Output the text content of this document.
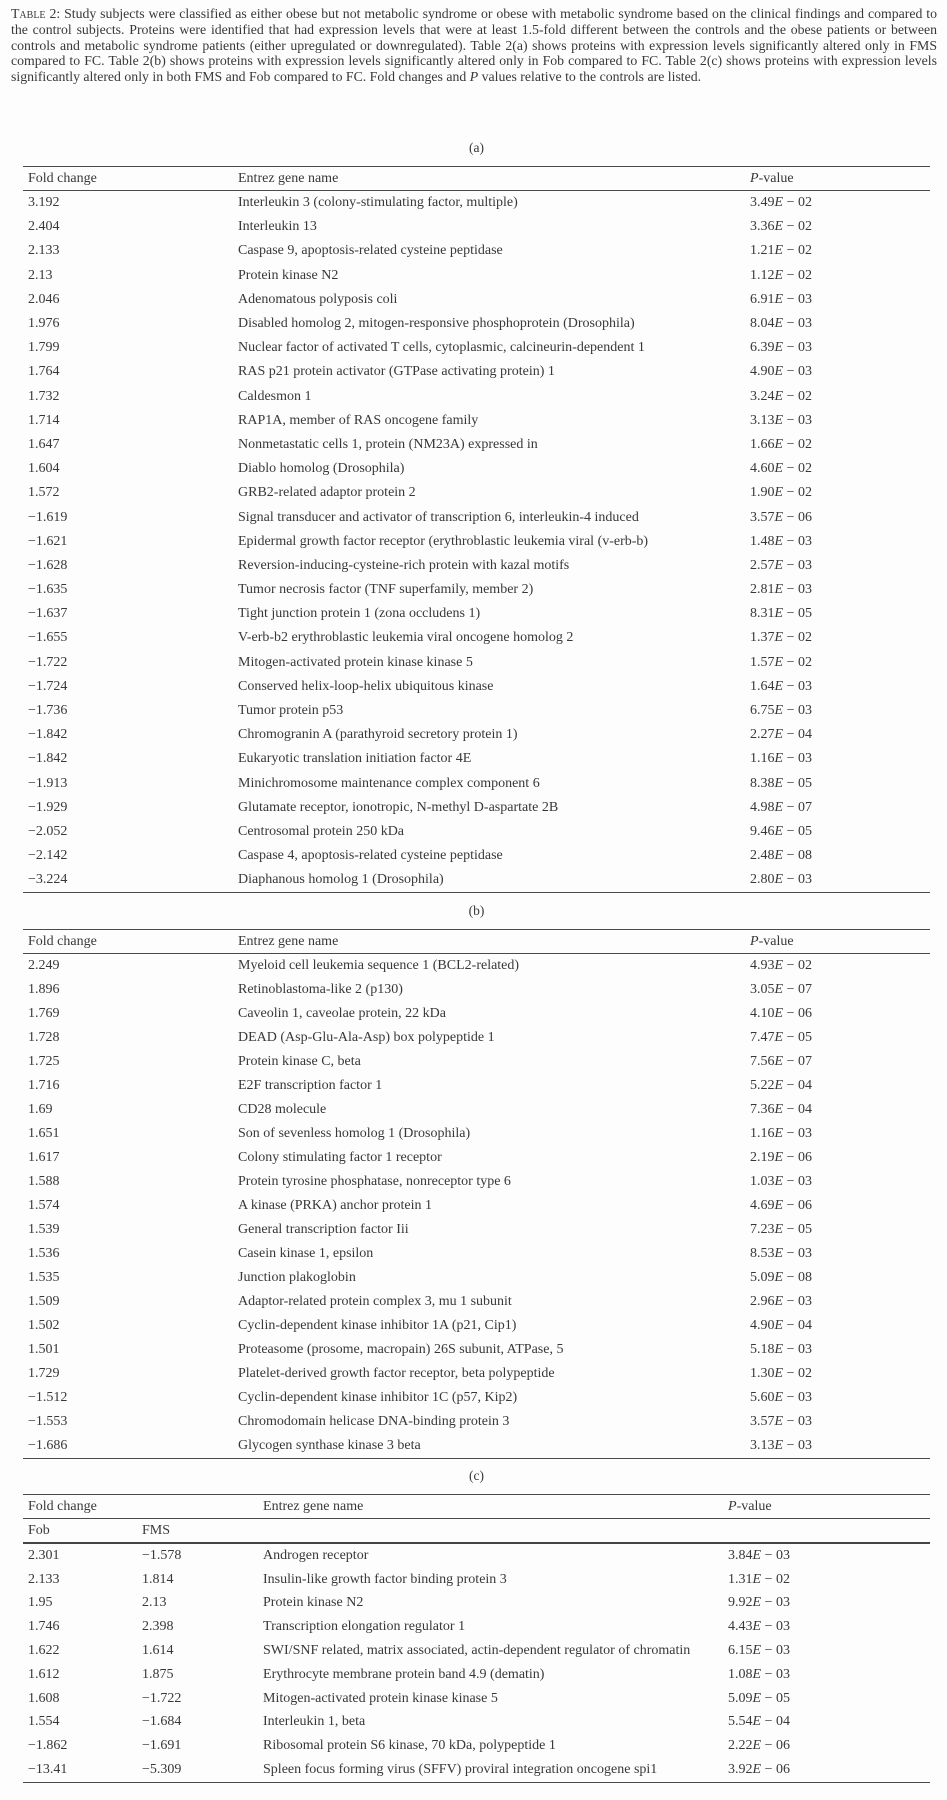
Table 2: Study subjects were classified as either obese but not metabolic syndrome or obese with metabolic syndrome based on the clinical findings and compared to the control subjects. Proteins were identified that had expression levels that were at least 1.5-fold different between the controls and the obese patients or between controls and metabolic syndrome patients (either upregulated or downregulated). Table 2(a) shows proteins with expression levels significantly altered only in FMS compared to FC. Table 2(b) shows proteins with expression levels significantly altered only in Fob compared to FC. Table 2(c) shows proteins with expression levels significantly altered only in both FMS and Fob compared to FC. Fold changes and P values relative to the controls are listed.
(a)
Fold change	Entrez gene name	P-value
3.192	Interleukin 3 (colony-stimulating factor, multiple)	3.49E − 02
2.404	Interleukin 13	3.36E − 02
2.133	Caspase 9, apoptosis-related cysteine peptidase	1.21E − 02
2.13	Protein kinase N2	1.12E − 02
2.046	Adenomatous polyposis coli	6.91E − 03
1.976	Disabled homolog 2, mitogen-responsive phosphoprotein (Drosophila)	8.04E − 03
1.799	Nuclear factor of activated T cells, cytoplasmic, calcineurin-dependent 1	6.39E − 03
1.764	RAS p21 protein activator (GTPase activating protein) 1	4.90E − 03
1.732	Caldesmon 1	3.24E − 02
1.714	RAP1A, member of RAS oncogene family	3.13E − 03
1.647	Nonmetastatic cells 1, protein (NM23A) expressed in	1.66E − 02
1.604	Diablo homolog (Drosophila)	4.60E − 02
1.572	GRB2-related adaptor protein 2	1.90E − 02
−1.619	Signal transducer and activator of transcription 6, interleukin-4 induced	3.57E − 06
−1.621	Epidermal growth factor receptor (erythroblastic leukemia viral (v-erb-b)	1.48E − 03
−1.628	Reversion-inducing-cysteine-rich protein with kazal motifs	2.57E − 03
−1.635	Tumor necrosis factor (TNF superfamily, member 2)	2.81E − 03
−1.637	Tight junction protein 1 (zona occludens 1)	8.31E − 05
−1.655	V-erb-b2 erythroblastic leukemia viral oncogene homolog 2	1.37E − 02
−1.722	Mitogen-activated protein kinase kinase 5	1.57E − 02
−1.724	Conserved helix-loop-helix ubiquitous kinase	1.64E − 03
−1.736	Tumor protein p53	6.75E − 03
−1.842	Chromogranin A (parathyroid secretory protein 1)	2.27E − 04
−1.842	Eukaryotic translation initiation factor 4E	1.16E − 03
−1.913	Minichromosome maintenance complex component 6	8.38E − 05
−1.929	Glutamate receptor, ionotropic, N-methyl D-aspartate 2B	4.98E − 07
−2.052	Centrosomal protein 250 kDa	9.46E − 05
−2.142	Caspase 4, apoptosis-related cysteine peptidase	2.48E − 08
−3.224	Diaphanous homolog 1 (Drosophila)	2.80E − 03
(b)
Fold change	Entrez gene name	P-value
2.249	Myeloid cell leukemia sequence 1 (BCL2-related)	4.93E − 02
1.896	Retinoblastoma-like 2 (p130)	3.05E − 07
1.769	Caveolin 1, caveolae protein, 22 kDa	4.10E − 06
1.728	DEAD (Asp-Glu-Ala-Asp) box polypeptide 1	7.47E − 05
1.725	Protein kinase C, beta	7.56E − 07
1.716	E2F transcription factor 1	5.22E − 04
1.69	CD28 molecule	7.36E − 04
1.651	Son of sevenless homolog 1 (Drosophila)	1.16E − 03
1.617	Colony stimulating factor 1 receptor	2.19E − 06
1.588	Protein tyrosine phosphatase, nonreceptor type 6	1.03E − 03
1.574	A kinase (PRKA) anchor protein 1	4.69E − 06
1.539	General transcription factor Iii	7.23E − 05
1.536	Casein kinase 1, epsilon	8.53E − 03
1.535	Junction plakoglobin	5.09E − 08
1.509	Adaptor-related protein complex 3, mu 1 subunit	2.96E − 03
1.502	Cyclin-dependent kinase inhibitor 1A (p21, Cip1)	4.90E − 04
1.501	Proteasome (prosome, macropain) 26S subunit, ATPase, 5	5.18E − 03
1.729	Platelet-derived growth factor receptor, beta polypeptide	1.30E − 02
−1.512	Cyclin-dependent kinase inhibitor 1C (p57, Kip2)	5.60E − 03
−1.553	Chromodomain helicase DNA-binding protein 3	3.57E − 03
−1.686	Glycogen synthase kinase 3 beta	3.13E − 03
(c)
Fold change		Entrez gene name	P-value
Fob	FMS		
2.301	−1.578	Androgen receptor	3.84E − 03
2.133	1.814	Insulin-like growth factor binding protein 3	1.31E − 02
1.95	2.13	Protein kinase N2	9.92E − 03
1.746	2.398	Transcription elongation regulator 1	4.43E − 03
1.622	1.614	SWI/SNF related, matrix associated, actin-dependent regulator of chromatin	6.15E − 03
1.612	1.875	Erythrocyte membrane protein band 4.9 (dematin)	1.08E − 03
1.608	−1.722	Mitogen-activated protein kinase kinase 5	5.09E − 05
1.554	−1.684	Interleukin 1, beta	5.54E − 04
−1.862	−1.691	Ribosomal protein S6 kinase, 70 kDa, polypeptide 1	2.22E − 06
−13.41	−5.309	Spleen focus forming virus (SFFV) proviral integration oncogene spi1	3.92E − 06
